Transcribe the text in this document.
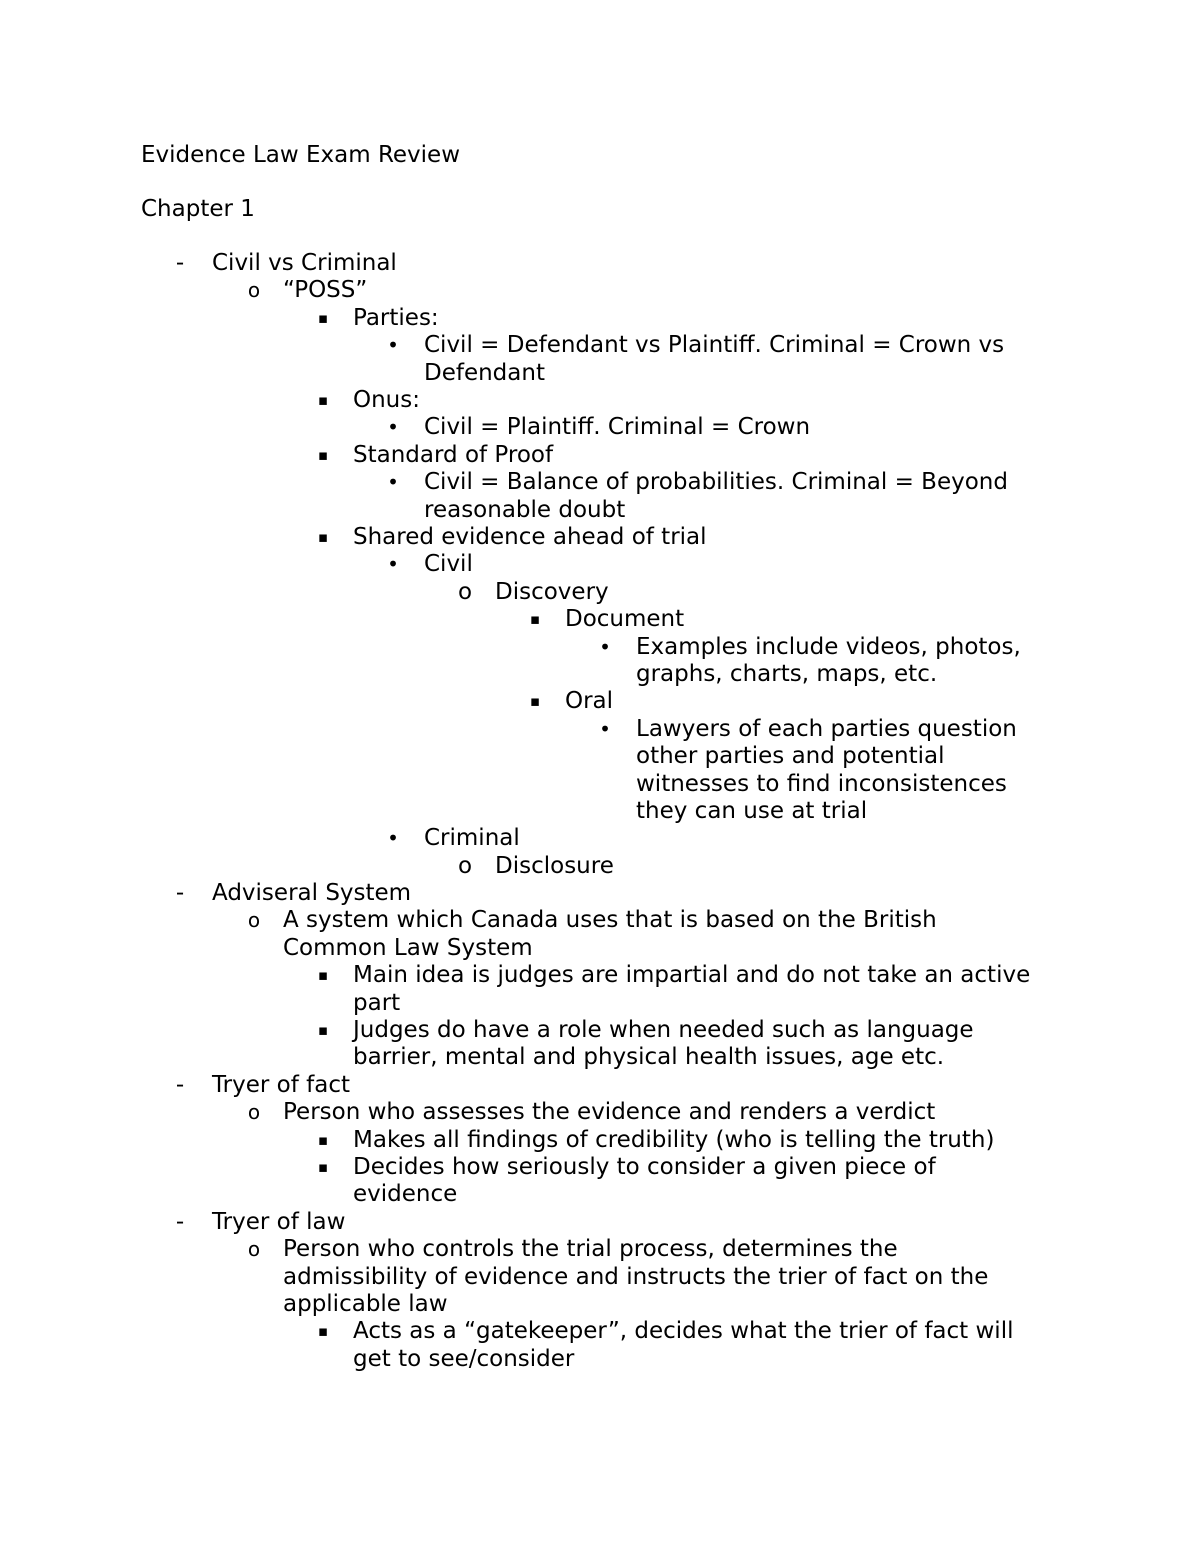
Evidence Law Exam Review
Chapter 1
-	Civil vs Criminal
o “POSS”
▪	Parties:
• Civil = Defendant vs Plaintiff. Criminal = Crown vs
Defendant
▪	Onus:
• Civil = Plaintiff. Criminal = Crown
▪	Standard of Proof
• Civil = Balance of probabilities. Criminal = Beyond
reasonable doubt
▪	Shared evidence ahead of trial
• Civil
o Discovery
▪	Document
• Examples include videos, photos,
graphs, charts, maps, etc.
▪	Oral
• Lawyers of each parties question
other parties and potential
witnesses to find inconsistences
they can use at trial
• Criminal
o Disclosure
-	Adviseral System
o A system which Canada uses that is based on the British
Common Law System
▪	Main idea is judges are impartial and do not take an active
part
▪	Judges do have a role when needed such as language
barrier, mental and physical health issues, age etc.
-	Tryer of fact
o Person who assesses the evidence and renders a verdict
▪	Makes all findings of credibility (who is telling the truth)
▪	Decides how seriously to consider a given piece of
evidence
-	Tryer of law
o Person who controls the trial process, determines the
admissibility of evidence and instructs the trier of fact on the
applicable law
▪	Acts as a “gatekeeper”, decides what the trier of fact will
get to see/consider
